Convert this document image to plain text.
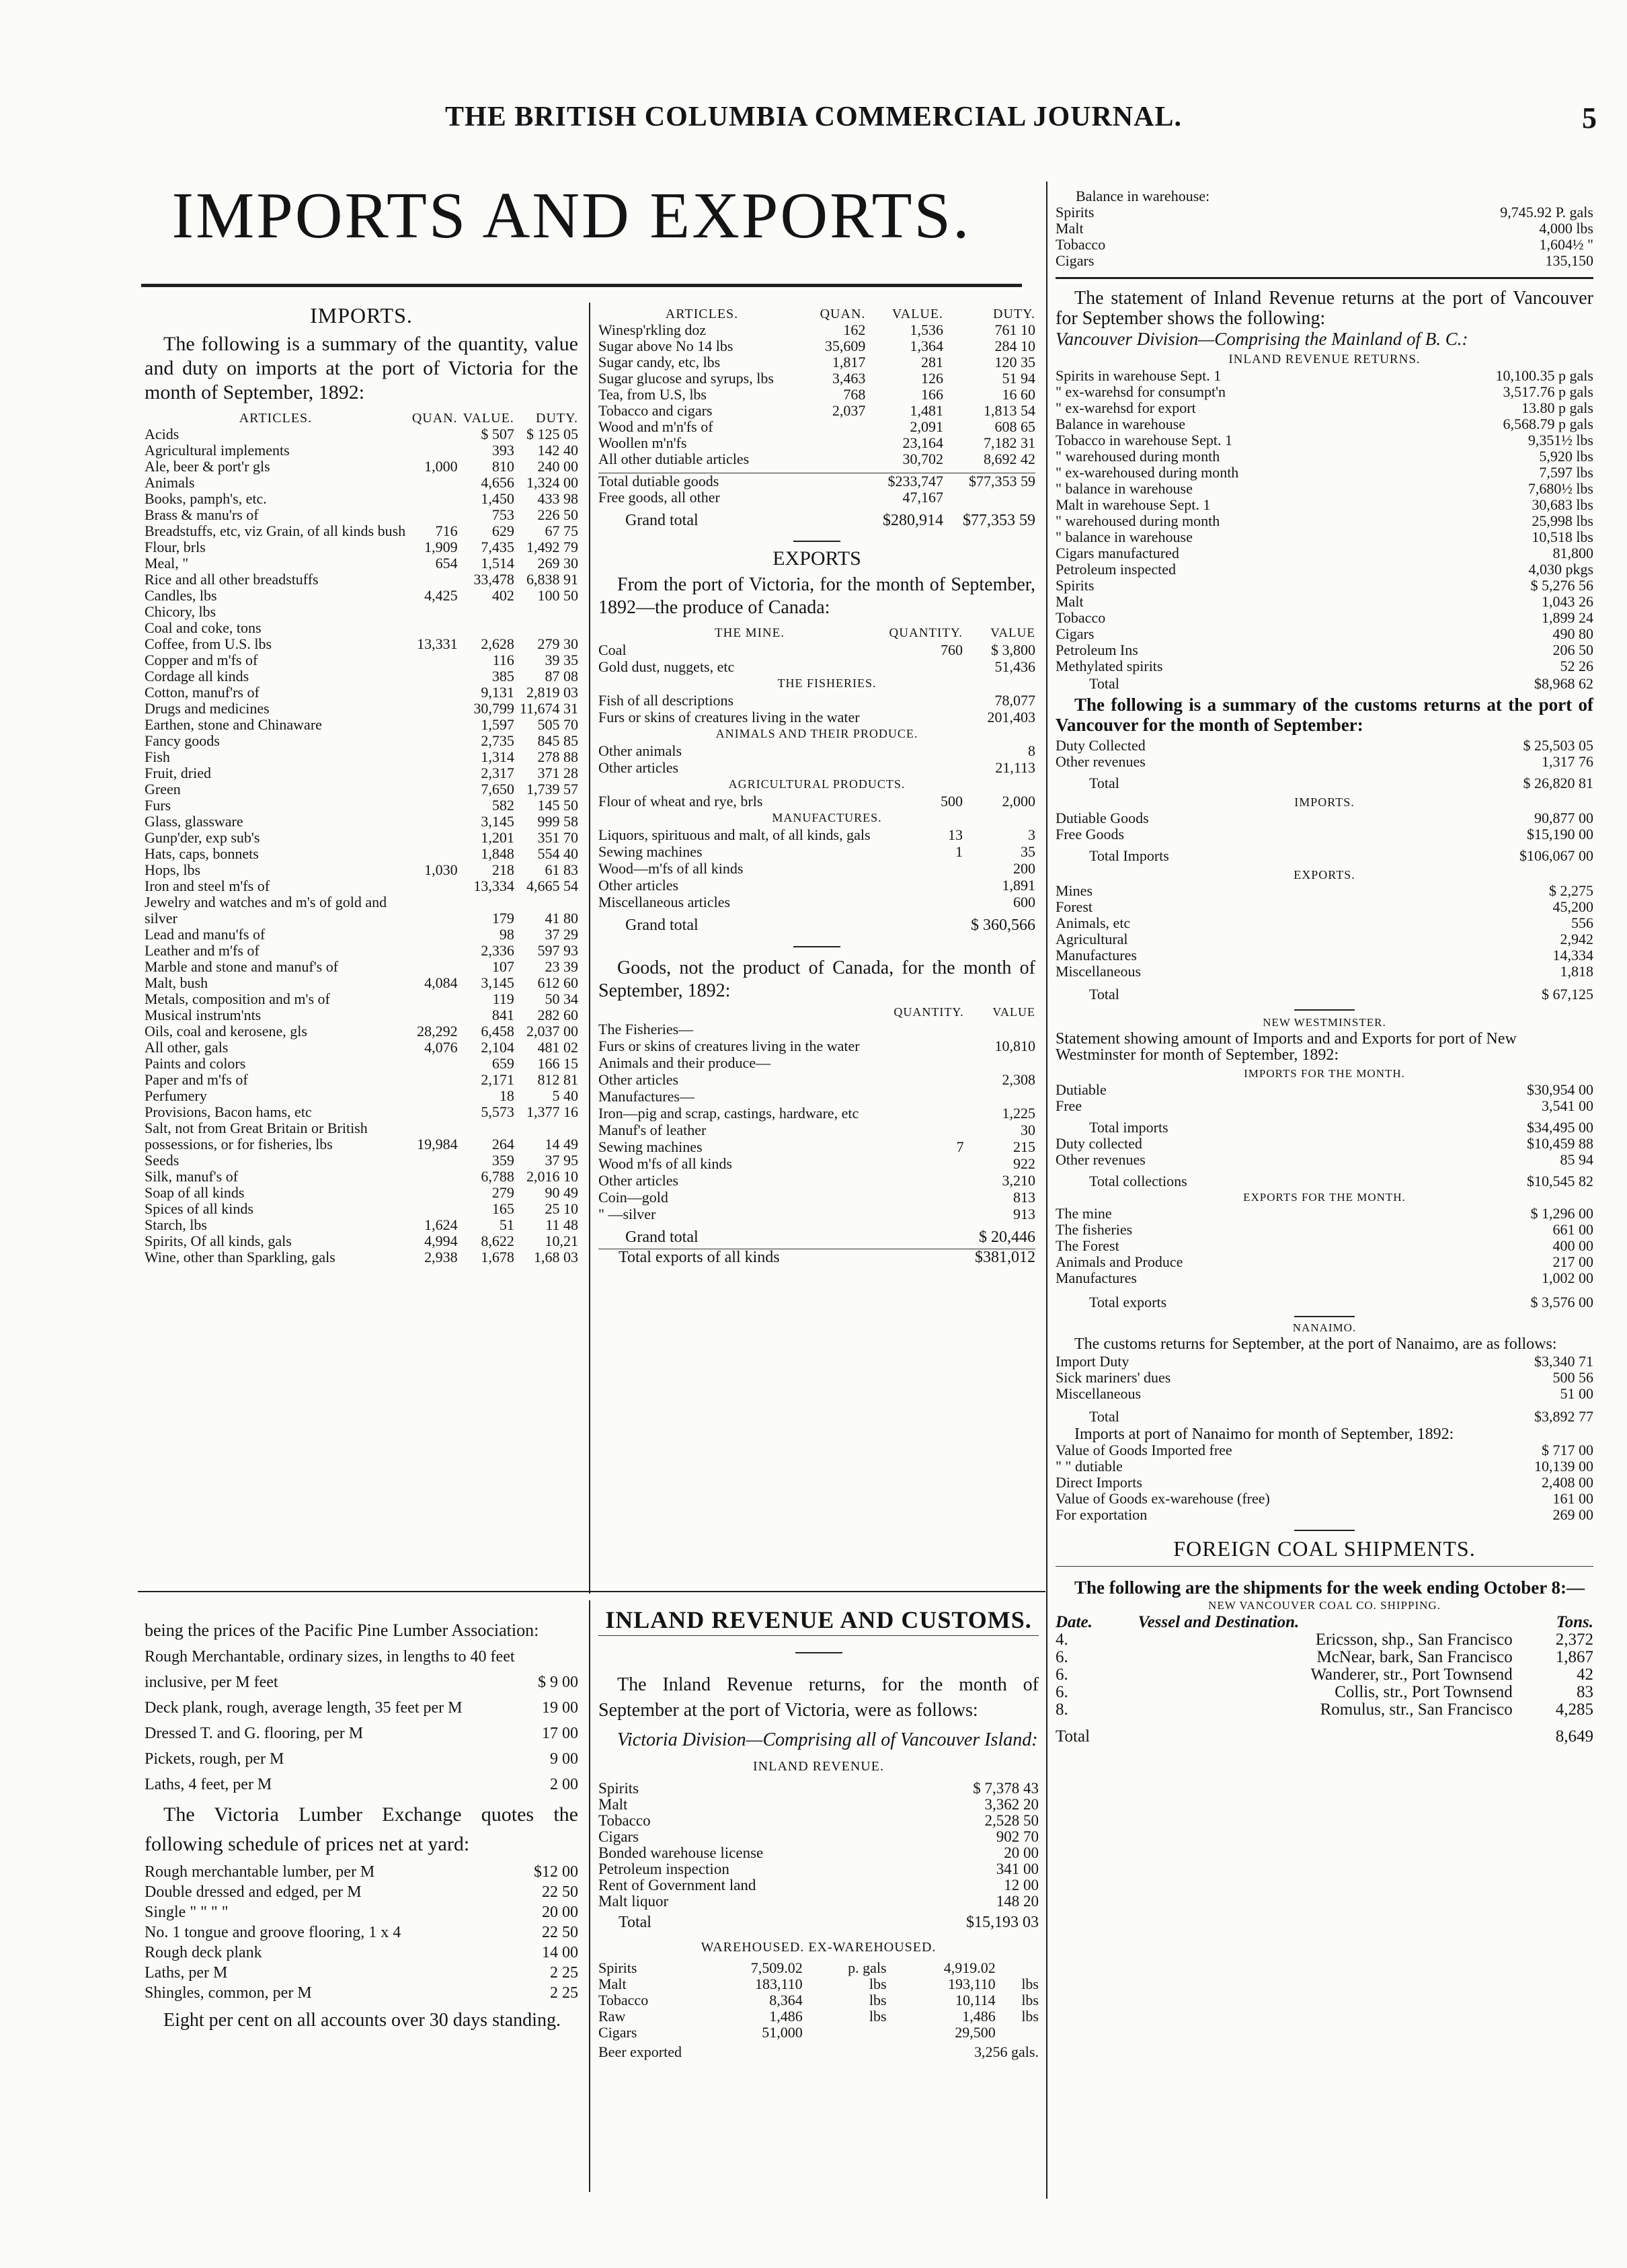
THE BRITISH COLUMBIA COMMERCIAL JOURNAL.	5
IMPORTS AND EXPORTS.
IMPORTS.

The following is a summary of the quantity, value and duty on imports at the port of Victoria for the month of September, 1892:

ARTICLES.	QUAN.	VALUE.	DUTY.
Acids		$ 507	$ 125 05
Agricultural implements		393	142 40
Ale, beer & port'r gls	1,000	810	240 00
Animals		4,656	1,324 00
Books, pamph's, etc.		1,450	433 98
Brass & manu'rs of		753	226 50
Breadstuffs, etc, viz Grain, of all kinds bush	716	629	67 75
Flour, brls	1,909	7,435	1,492 79
Meal, "	654	1,514	269 30
Rice and all other breadstuffs		33,478	6,838 91
Candles, lbs	4,425	402	100 50
Chicory, lbs			
Coal and coke, tons			
Coffee, from U.S. lbs	13,331	2,628	279 30
Copper and m'fs of		116	39 35
Cordage all kinds		385	87 08
Cotton, manuf'rs of		9,131	2,819 03
Drugs and medicines		30,799	11,674 31
Earthen, stone and Chinaware		1,597	505 70
Fancy goods		2,735	845 85
Fish		1,314	278 88
Fruit, dried		2,317	371 28
Green		7,650	1,739 57
Furs		582	145 50
Glass, glassware		3,145	999 58
Gunp'der, exp sub's		1,201	351 70
Hats, caps, bonnets		1,848	554 40
Hops, lbs	1,030	218	61 83
Iron and steel m'fs of		13,334	4,665 54
Jewelry and watches and m's of gold and silver		179	41 80
Lead and manu'fs of		98	37 29
Leather and m'fs of		2,336	597 93
Marble and stone and manuf's of		107	23 39
Malt, bush	4,084	3,145	612 60
Metals, composition and m's of		119	50 34
Musical instrum'nts		841	282 60
Oils, coal and kerosene, gls	28,292	6,458	2,037 00
All other, gals	4,076	2,104	481 02
Paints and colors		659	166 15
Paper and m'fs of		2,171	812 81
Perfumery		18	5 40
Provisions, Bacon hams, etc		5,573	1,377 16
Salt, not from Great Britain or British possessions, or for fisheries, lbs	19,984	264	14 49
Seeds		359	37 95
Silk, manuf's of		6,788	2,016 10
Soap of all kinds		279	90 49
Spices of all kinds		165	25 10
Starch, lbs	1,624	51	11 48
Spirits, Of all kinds, gals	4,994	8,622	10,21
Wine, other than Sparkling, gals	2,938	1,678	1,68 03
ARTICLES.	QUAN.	VALUE.	DUTY.
Winesp'rkling doz	162	1,536	761 10
Sugar above No 14 lbs	35,609	1,364	284 10
Sugar candy, etc, lbs	1,817	281	120 35
Sugar glucose and syrups, lbs	3,463	126	51 94
Tea, from U.S, lbs	768	166	16 60
Tobacco and cigars	2,037	1,481	1,813 54
Wood and m'n'fs of		2,091	608 65
Woollen m'n'fs		23,164	7,182 31
All other dutiable articles		30,702	8,692 42

Total dutiable goods		$233,747	$77,353 59
Free goods, all other		47,167	

Grand total		$280,914	$77,353 59
EXPORTS

From the port of Victoria, for the month of September, 1892—the produce of Canada:

THE MINE.	QUANTITY.	VALUE
Coal	760	$ 3,800
Gold dust, nuggets, etc		51,436
THE FISHERIES.		
Fish of all descriptions		78,077
Furs or skins of creatures living in the water		201,403
ANIMALS AND THEIR PRODUCE.		
Other animals		8
Other articles		21,113
AGRICULTURAL PRODUCTS.		
Flour of wheat and rye, brls	500	2,000
MANUFACTURES.		
Liquors, spirituous and malt, of all kinds, gals	13	3
Sewing machines	1	35
Wood—m'fs of all kinds		200
Other articles		1,891
Miscellaneous articles		600

Grand total		$ 360,566

Goods, not the product of Canada, for the month of September, 1892:

	QUANTITY.	VALUE
The Fisheries—		
Furs or skins of creatures living in the water		10,810
Animals and their produce—		
Other articles		2,308
Manufactures—		
Iron—pig and scrap, castings, hardware, etc		1,225
Manuf's of leather		30
Sewing machines	7	215
Wood m'fs of all kinds		922
Other articles		3,210
Coin—gold		813
" —silver		913

Grand total		$ 20,446

Total exports of all kinds		$381,012

being the prices of the Pacific Pine Lumber Association:

Rough Merchantable, ordinary sizes, in lengths to 40 feet inclusive, per M feet	$ 9 00
Deck plank, rough, average length, 35 feet per M	19 00
Dressed T. and G. flooring, per M	17 00
Pickets, rough, per M	9 00
Laths, 4 feet, per M	2 00

The Victoria Lumber Exchange quotes the following schedule of prices net at yard:

Rough merchantable lumber, per M	$12 00
Double dressed and edged, per M	22 50
Single " " " "	20 00
No. 1 tongue and groove flooring, 1 x 4	22 50
Rough deck plank	14 00
Laths, per M	2 25
Shingles, common, per M	2 25

Eight per cent on all accounts over 30 days standing.

INLAND REVENUE AND CUSTOMS.

The Inland Revenue returns, for the month of September at the port of Victoria, were as follows:

Victoria Division—Comprising all of Vancouver Island:

INLAND REVENUE.
Spirits	$ 7,378 43
Malt	3,362 20
Tobacco	2,528 50
Cigars	902 70
Bonded warehouse license	20 00
Petroleum inspection	341 00
Rent of Government land	12 00
Malt liquor	148 20
Total	$15,193 03
WAREHOUSED. EX-WAREHOUSED.
Spirits	7,509.02	p. gals	4,919.02	
Malt	183,110	lbs	193,110	lbs
Tobacco	8,364	lbs	10,114	lbs
Raw	1,486	lbs	1,486	lbs
Cigars	51,000		29,500	
Beer exported	3,256 gals.
Balance in warehouse:
Spirits	9,745.92 P. gals
Malt	4,000 lbs
Tobacco	1,604½ "
Cigars	135,150

The statement of Inland Revenue returns at the port of Vancouver for September shows the following:

Vancouver Division—Comprising the Mainland of B. C.:

INLAND REVENUE RETURNS.
Spirits in warehouse Sept. 1	10,100.35 p gals
" ex-warehsd for consumpt'n	3,517.76 p gals
" ex-warehsd for export	13.80 p gals
Balance in warehouse	6,568.79 p gals
Tobacco in warehouse Sept. 1	9,351½ lbs
" warehoused during month	5,920 lbs
" ex-warehoused during month	7,597 lbs
" balance in warehouse	7,680½ lbs
Malt in warehouse Sept. 1	30,683 lbs
" warehoused during month	25,998 lbs
" balance in warehouse	10,518 lbs
Cigars manufactured	81,800
Petroleum inspected	4,030 pkgs
Spirits	$ 5,276 56
Malt	1,043 26
Tobacco	1,899 24
Cigars	490 80
Petroleum Ins	206 50
Methylated spirits	52 26
Total	$8,968 62

The following is a summary of the customs returns at the port of Vancouver for the month of September:

Duty Collected	$ 25,503 05
Other revenues	1,317 76
Total	$ 26,820 81
IMPORTS.
Dutiable Goods	90,877 00
Free Goods	$15,190 00
Total Imports	$106,067 00
EXPORTS.
Mines	$ 2,275
Forest	45,200
Animals, etc	556
Agricultural	2,942
Manufactures	14,334
Miscellaneous	1,818
Total	$ 67,125
NEW WESTMINSTER.

Statement showing amount of Imports and and Exports for port of New Westminster for month of September, 1892:

IMPORTS FOR THE MONTH.
Dutiable	$30,954 00
Free	3,541 00
Total imports	$34,495 00
Duty collected	$10,459 88
Other revenues	85 94
Total collections	$10,545 82
EXPORTS FOR THE MONTH.
The mine	$ 1,296 00
The fisheries	661 00
The Forest	400 00
Animals and Produce	217 00
Manufactures	1,002 00
Total exports	$ 3,576 00
NANAIMO.

The customs returns for September, at the port of Nanaimo, are as follows:

Import Duty	$3,340 71
Sick mariners' dues	500 56
Miscellaneous	51 00
Total	$3,892 77

Imports at port of Nanaimo for month of September, 1892:

Value of Goods Imported free	$ 717 00
" " dutiable	10,139 00
Direct Imports	2,408 00
Value of Goods ex-warehouse (free)	161 00
For exportation	269 00
FOREIGN COAL SHIPMENTS.

The following are the shipments for the week ending October 8:—

NEW VANCOUVER COAL CO. SHIPPING.
Date.	Vessel and Destination.	Tons.
4.	Ericsson, shp., San Francisco	2,372
6.	McNear, bark, San Francisco	1,867
6.	Wanderer, str., Port Townsend	42
6.	Collis, str., Port Townsend	83
8.	Romulus, str., San Francisco	4,285

Total		8,649
